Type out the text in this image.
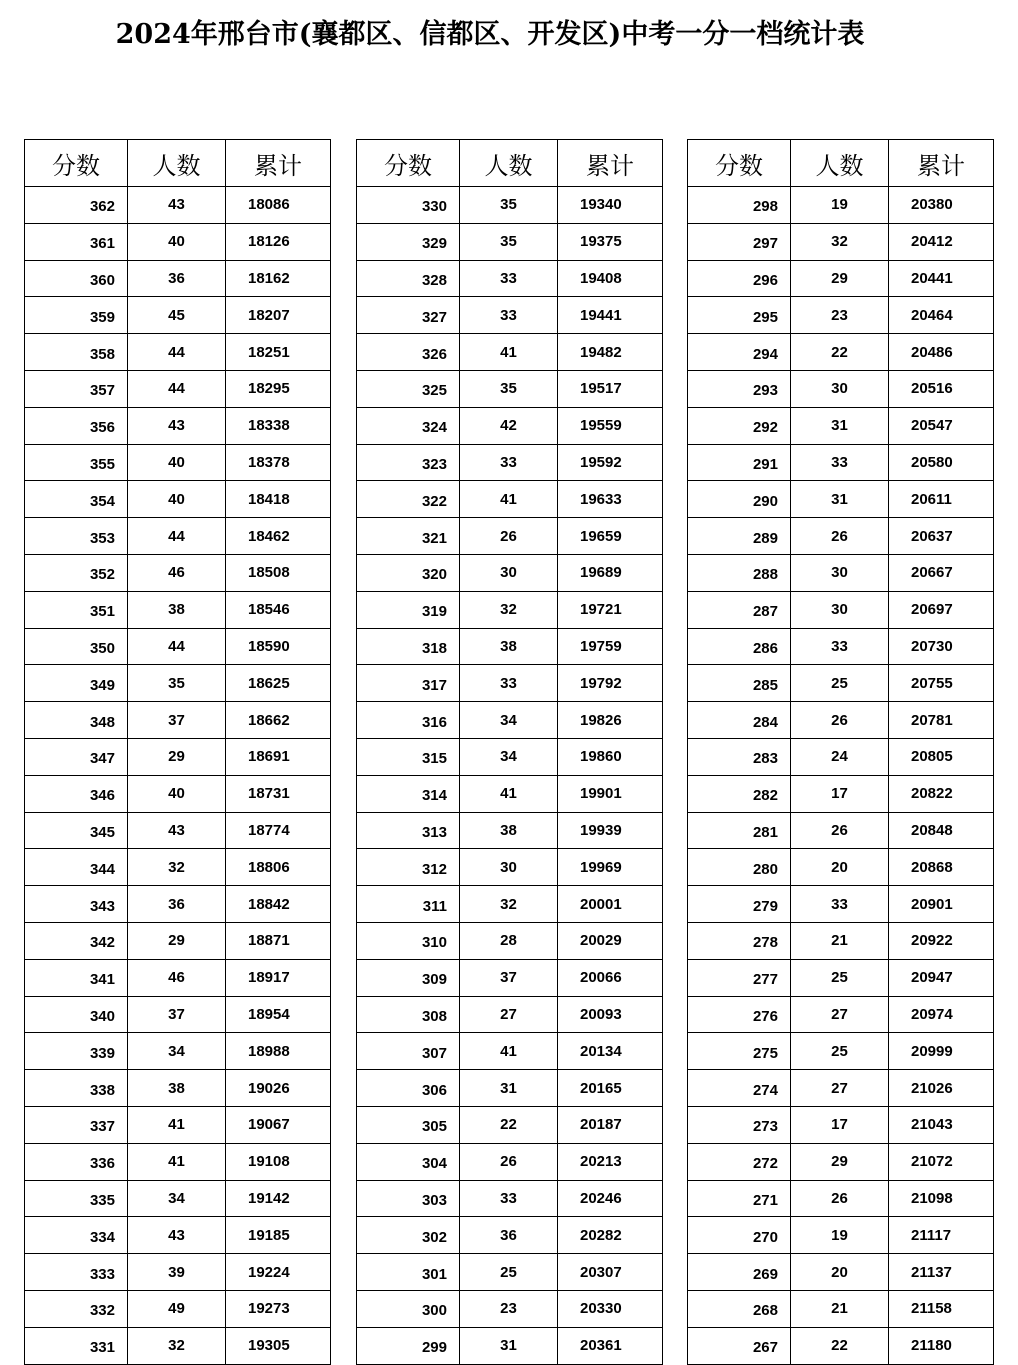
2024年邢台市(襄都区、信都区、开发区)中考一分一档统计表
分数	人数	累计
362	43	18086
361	40	18126
360	36	18162
359	45	18207
358	44	18251
357	44	18295
356	43	18338
355	40	18378
354	40	18418
353	44	18462
352	46	18508
351	38	18546
350	44	18590
349	35	18625
348	37	18662
347	29	18691
346	40	18731
345	43	18774
344	32	18806
343	36	18842
342	29	18871
341	46	18917
340	37	18954
339	34	18988
338	38	19026
337	41	19067
336	41	19108
335	34	19142
334	43	19185
333	39	19224
332	49	19273
331	32	19305
分数	人数	累计
330	35	19340
329	35	19375
328	33	19408
327	33	19441
326	41	19482
325	35	19517
324	42	19559
323	33	19592
322	41	19633
321	26	19659
320	30	19689
319	32	19721
318	38	19759
317	33	19792
316	34	19826
315	34	19860
314	41	19901
313	38	19939
312	30	19969
311	32	20001
310	28	20029
309	37	20066
308	27	20093
307	41	20134
306	31	20165
305	22	20187
304	26	20213
303	33	20246
302	36	20282
301	25	20307
300	23	20330
299	31	20361
分数	人数	累计
298	19	20380
297	32	20412
296	29	20441
295	23	20464
294	22	20486
293	30	20516
292	31	20547
291	33	20580
290	31	20611
289	26	20637
288	30	20667
287	30	20697
286	33	20730
285	25	20755
284	26	20781
283	24	20805
282	17	20822
281	26	20848
280	20	20868
279	33	20901
278	21	20922
277	25	20947
276	27	20974
275	25	20999
274	27	21026
273	17	21043
272	29	21072
271	26	21098
270	19	21117
269	20	21137
268	21	21158
267	22	21180
